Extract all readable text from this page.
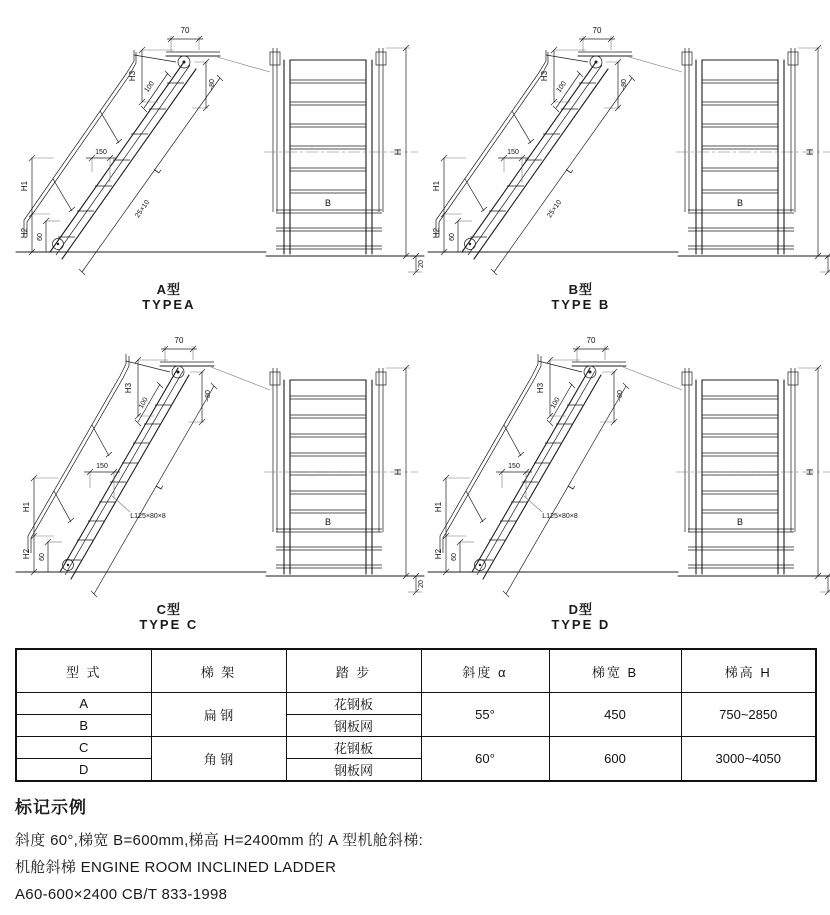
70
H3
100	~80
L
25×10
150
H1
H2 60
B
H
20
A型
TYPEA
70
H3
100	~80
L
25×10
150
H1
H2 60
B
H
B型
TYPE B
70
H3
100
~80
L
L125×80×8
150
H1
H2 60
B
H
20
C型
TYPE C
70
H3
100
~80
L
L125×80×8
150
H1
H2 60
B
H
D型
TYPE D
型 式	梯 架	踏 步	斜度 α	梯宽 B	梯高 H
A	扁 钢	花钢板	55°	450	750~2850
B		钢板网			
C	角 钢	花钢板	60°	600	3000~4050
D		钢板网			

标记示例

斜度 60°,梯宽 B=600mm,梯高 H=2400mm 的 A 型机舱斜梯:

机舱斜梯 ENGINE ROOM INCLINED LADDER

A60-600×2400 CB/T 833-1998
